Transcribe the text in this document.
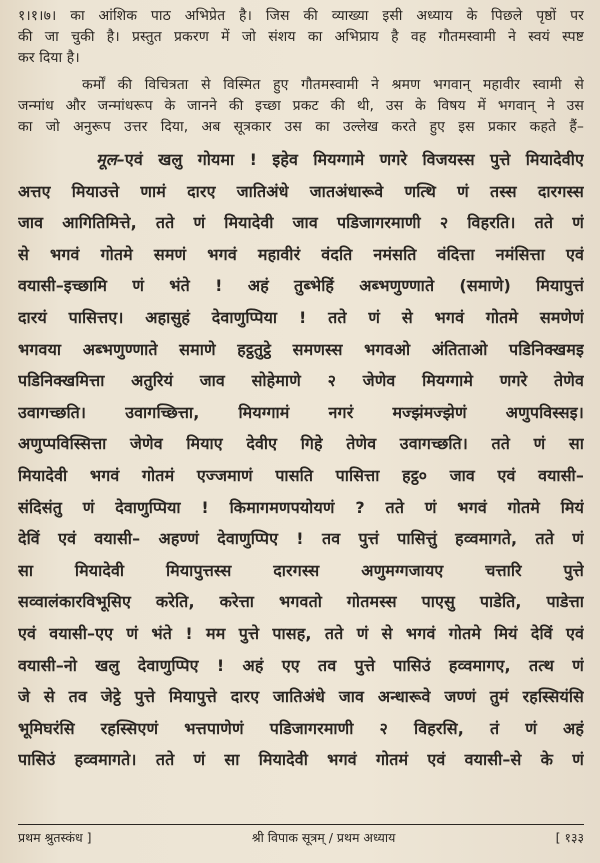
१।१।७। का आंशिक पाठ अभिप्रेत है। जिस की व्याख्या इसी अध्याय के पिछले पृष्ठों पर
की जा चुकी है। प्रस्तुत प्रकरण में जो संशय का अभिप्राय है वह गौतमस्वामी ने स्वयं स्पष्ट
कर दिया है।
कर्मों की विचित्रता से विस्मित हुए गौतमस्वामी ने श्रमण भगवान् महावीर स्वामी से
जन्मांध और जन्मांधरूप के जानने की इच्छा प्रकट की थी, उस के विषय में भगवान् ने उस
का जो अनुरूप उत्तर दिया, अब सूत्रकार उस का उल्लेख करते हुए इस प्रकार कहते हैं–
मूल–एवं खलु गोयमा ! इहेव मियग्गामे णगरे विजयस्स पुत्ते मियादेवीए
अत्तए मियाउत्ते णामं दारए जातिअंधे जातअंधारूवे णत्थि णं तस्स दारगस्स
जाव आगितिमित्ते, तते णं मियादेवी जाव पडिजागरमाणी २ विहरति। तते णं
से भगवं गोतमे समणं भगवं महावीरं वंदति नमंसति वंदित्ता नमंसित्ता एवं
वयासी–इच्छामि णं भंते ! अहं तुब्भेहिं अब्भणुण्णाते (समाणे) मियापुत्तं
दारयं पासित्तए। अहासुहं देवाणुप्पिया ! तते णं से भगवं गोतमे समणेणं
भगवया अब्भणुण्णाते समाणे हट्ठतुट्ठे समणस्स भगवओ अंतिताओ पडिनिक्खमइ
पडिनिक्खमित्ता अतुरियं जाव सोहेमाणे २ जेणेव मियग्गामे णगरे तेणेव
उवागच्छति। उवागच्छित्ता, मियग्गामं नगरं मज्झंमज्झेणं अणुपविस्सइ।
अणुप्पविस्सित्ता जेणेव मियाए देवीए गिहे तेणेव उवागच्छति। तते णं सा
मियादेवी भगवं गोतमं एज्जमाणं पासति पासित्ता हट्ठ० जाव एवं वयासी–
संदिसंतु णं देवाणुप्पिया ! किमागमणपयोयणं ? तते णं भगवं गोतमे मियं
देविं एवं वयासी– अहण्णं देवाणुप्पिए ! तव पुत्तं पासित्तुं हव्वमागते, तते णं
सा मियादेवी मियापुत्तस्स दारगस्स अणुमग्गजायए चत्तारि पुत्ते
सव्वालंकारविभूसिए करेति, करेत्ता भगवतो गोतमस्स पाएसु पाडेति, पाडेत्ता
एवं वयासी–एए णं भंते ! मम पुत्ते पासह, तते णं से भगवं गोतमे मियं देविं एवं
वयासी–नो खलु देवाणुप्पिए ! अहं एए तव पुत्ते पासिउं हव्वमागए, तत्थ णं
जे से तव जेट्ठे पुत्ते मियापुत्ते दारए जातिअंधे जाव अन्धारूवे जण्णं तुमं रहस्सियंसि
भूमिघरंसि रहस्सिएणं भत्तपाणेणं पडिजागरमाणी २ विहरसि, तं णं अहं
पासिउं हव्वमागते। तते णं सा मियादेवी भगवं गोतमं एवं वयासी–से के णं
प्रथम श्रुतस्कंध ]	श्री विपाक सूत्रम् / प्रथम अध्याय	[ १३३
